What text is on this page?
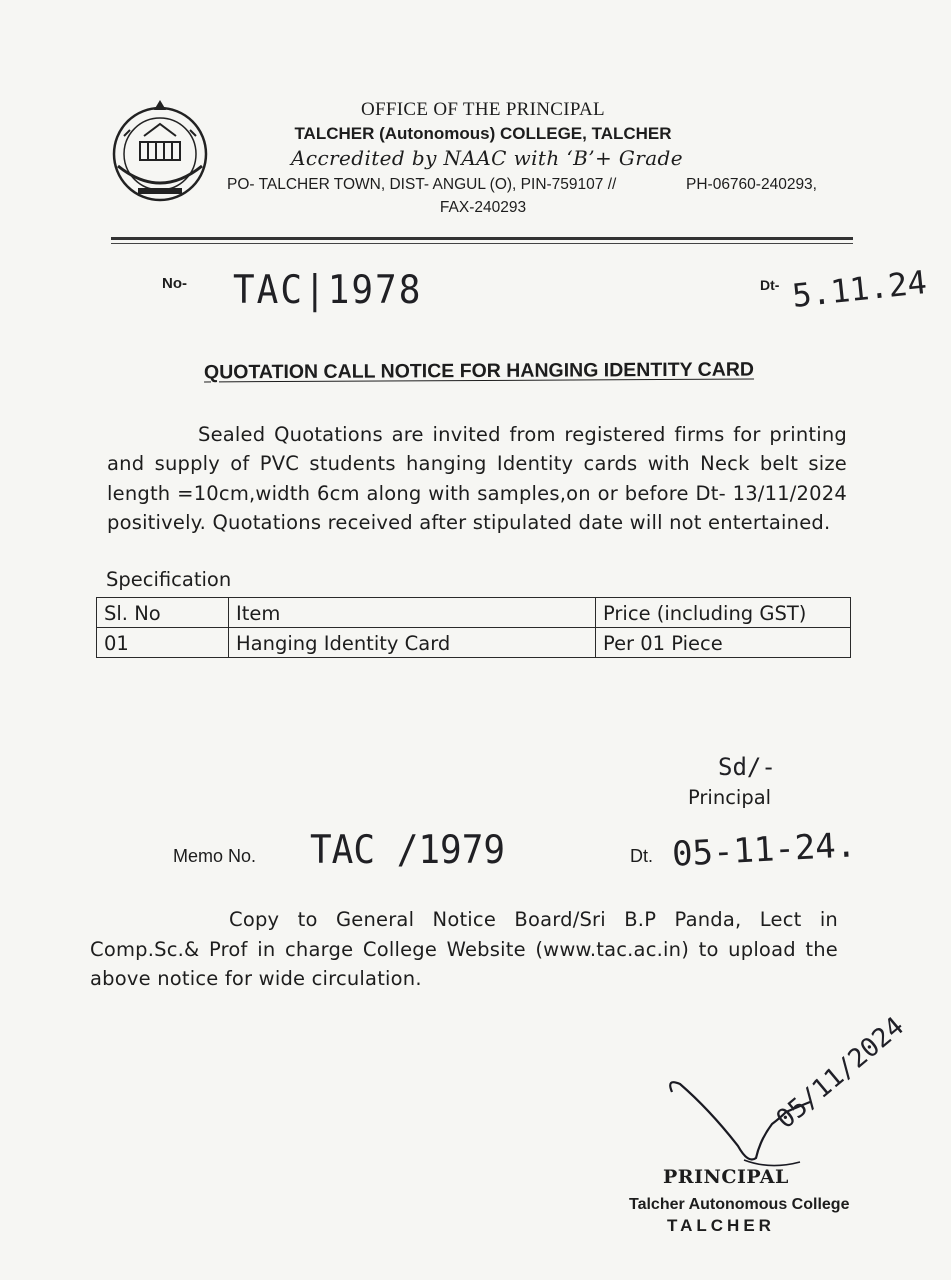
OFFICE OF THE PRINCIPAL
TALCHER (Autonomous) COLLEGE, TALCHER
Accredited by NAAC with ‘B’+ Grade
PO- TALCHER TOWN, DIST- ANGUL (O), PIN-759107 //	PH-06760-240293,
FAX-240293
No- TAC|1978	Dt- 5.11.24
QUOTATION CALL NOTICE FOR HANGING IDENTITY CARD
Sealed Quotations are invited from registered firms for printing and supply of PVC students hanging Identity cards with Neck belt size length =10cm,width 6cm along with samples,on or before Dt- 13/11/2024 positively. Quotations received after stipulated date will not entertained.
Specification
Sl. No	Item	Price (including GST)
01	Hanging Identity Card	Per 01 Piece
Sd/-
Principal
Memo No. TAC /1979	Dt. 05-11-24.
Copy to General Notice Board/Sri B.P Panda, Lect in Comp.Sc.& Prof in charge College Website (www.tac.ac.in) to upload the above notice for wide circulation.
05/11/2024
PRINCIPAL
Talcher Autonomous College
TALCHER
